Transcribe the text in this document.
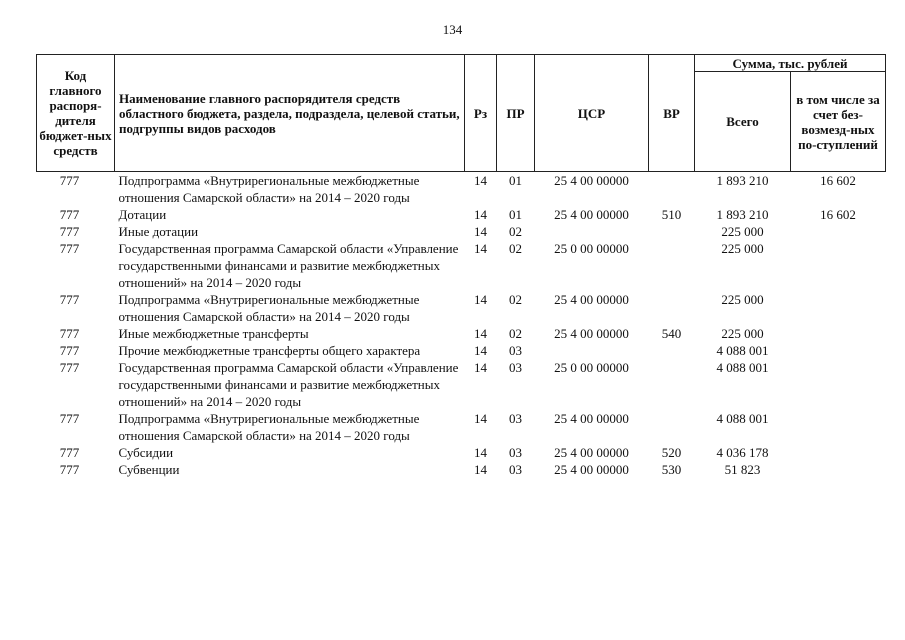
134
Код главного распоря-дителя бюджет-ных средств	Наименование главного распорядителя средств областного бюджета, раздела, подраздела, целевой статьи, подгруппы видов расходов	Рз	ПР	ЦСР	ВР	Сумма, тыс. рублей	
						Всего	в том числе за счет без-возмезд-ных по-ступлений
777	Подпрограмма «Внутрирегиональные межбюджетные отношения Самарской области» на 2014 – 2020 годы	14	01	25 4 00 00000		1 893 210	16 602
777	Дотации	14	01	25 4 00 00000	510	1 893 210	16 602
777	Иные дотации	14	02			225 000	
777	Государственная программа Самарской области «Управление государственными финансами и развитие межбюджетных отношений» на 2014 – 2020 годы	14	02	25 0 00 00000		225 000	
777	Подпрограмма «Внутрирегиональные межбюджетные отношения Самарской области» на 2014 – 2020 годы	14	02	25 4 00 00000		225 000	
777	Иные межбюджетные трансферты	14	02	25 4 00 00000	540	225 000	
777	Прочие межбюджетные трансферты общего характера	14	03			4 088 001	
777	Государственная программа Самарской области «Управление государственными финансами и развитие межбюджетных отношений» на 2014 – 2020 годы	14	03	25 0 00 00000		4 088 001	
777	Подпрограмма «Внутрирегиональные межбюджетные отношения Самарской области» на 2014 – 2020 годы	14	03	25 4 00 00000		4 088 001	
777	Субсидии	14	03	25 4 00 00000	520	4 036 178	
777	Субвенции	14	03	25 4 00 00000	530	51 823	
